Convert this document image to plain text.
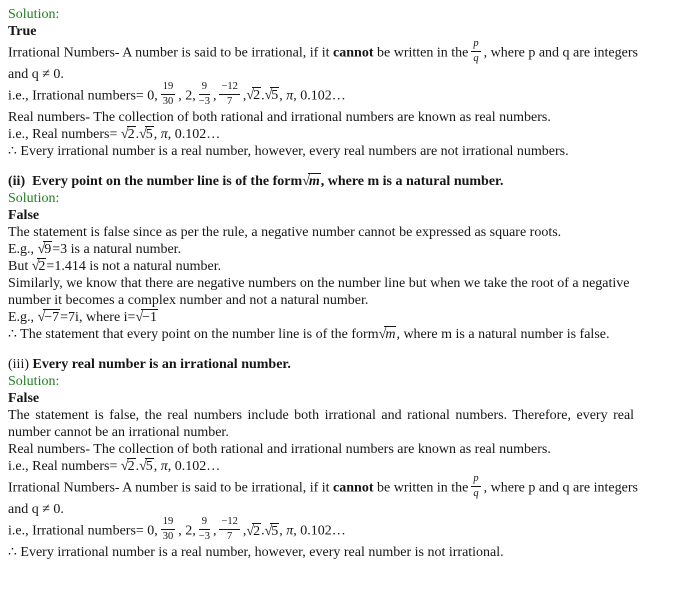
Solution:
True
Irrational Numbers- A number is said to be irrational, if it cannot be written in the $\frac{p}{q}$ , where p and q are integers
and q ≠ 0.
i.e., Irrational numbers= 0, $\frac{19}{30}$ , 2, $\frac{9}{-3}$ , $\frac{-12}{7} ,√2.√5$, π, 0.102…
Real numbers- The collection of both rational and irrational numbers are known as real numbers.
i.e., Real numbers= √2.√5, π, 0.102…
∴ Every irrational number is a real number, however, every real numbers are not irrational numbers.
(ii)  Every point on the number line is of the form√m, where m is a natural number.
Solution:
False
The statement is false since as per the rule, a negative number cannot be expressed as square roots.
E.g., √9=3 is a natural number.
But √2=1.414 is not a natural number.
Similarly, we know that there are negative numbers on the number line but when we take the root of a negative
number it becomes a complex number and not a natural number.
E.g., √−7=7i, where i=√−1
∴ The statement that every point on the number line is of the form√m, where m is a natural number is false.
(iii) Every real number is an irrational number.
Solution:
False
The statement is false, the real numbers include both irrational and rational numbers. Therefore, every real
number cannot be an irrational number.
Real numbers- The collection of both rational and irrational numbers are known as real numbers.
i.e., Real numbers= √2.√5, π, 0.102…
Irrational Numbers- A number is said to be irrational, if it cannot be written in the $\frac{p}{q}$ , where p and q are integers
and q ≠ 0.
i.e., Irrational numbers= 0, $\frac{19}{30}$ , 2, $\frac{9}{-3}$ , $\frac{-12}{7} ,√2.√5$, π, 0.102…
∴ Every irrational number is a real number, however, every real number is not irrational.
